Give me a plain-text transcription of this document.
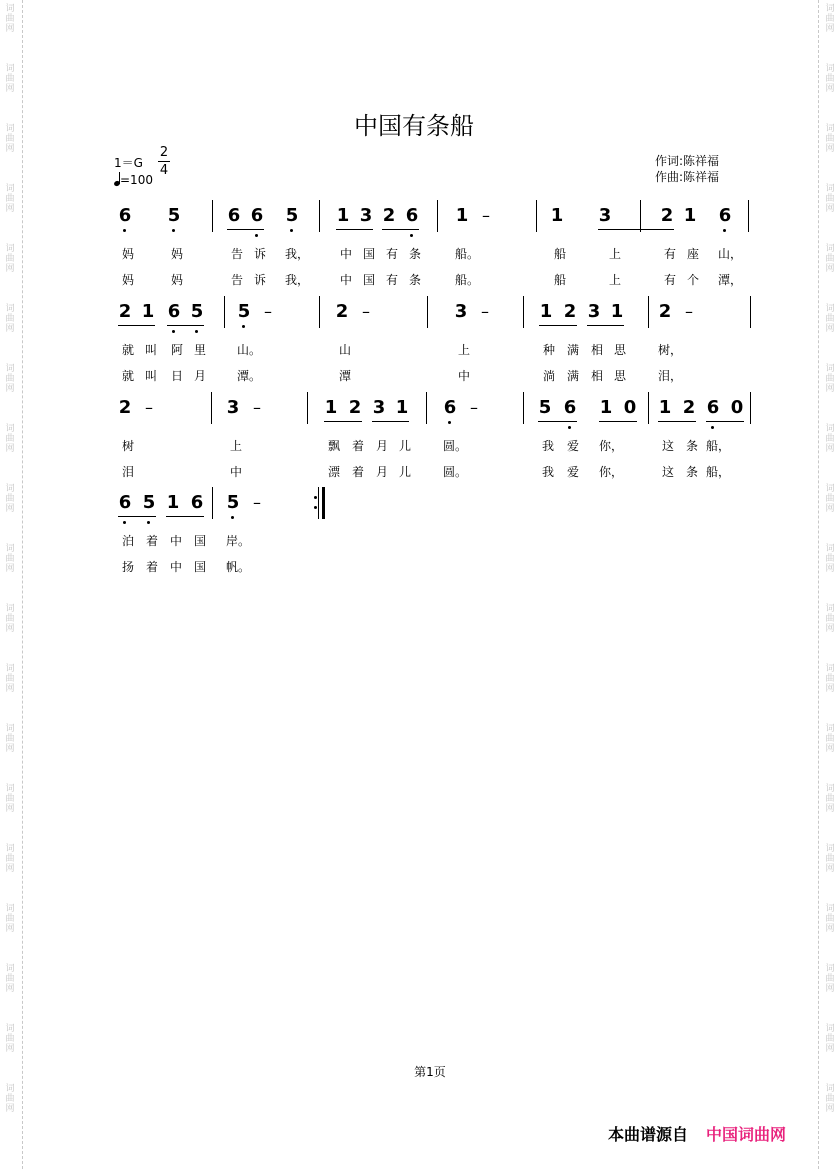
词
曲
网
词
曲
网
词
曲
网
词
曲
网
词
曲
网
词
曲
网
词
曲
网
词
曲
网
词
曲
网
词
曲
网
词
曲
网
词
曲
网
词
曲
网
词
曲
网
词
曲
网
词
曲
网
词
曲
网
词
曲
网
词
曲
网
词
曲
网
词
曲
网
词
曲
网
词
曲
网
词
曲
网
词
曲
网
词
曲
网
词
曲
网
词
曲
网
词
曲
网
词
曲
网
词
曲
网
词
曲
网
词
曲
网
词
曲
网
词
曲
网
词
曲
网
词
曲
网
词
曲
网
中国有条船
1＝G
2
4
=100
作词:陈祥福
作曲:陈祥福
6 5	6 6 5 1 3 2 6 1 –	1 3	2 1 6
妈	妈	告 诉	我，	中 国 有 条	船。	船	上	有 座	山，
妈	妈	告 诉	我，	中 国 有 条	船。	船	上	有 个	潭，
2 1 6 5 5 –	2 –	3 –	1 2 3 1 2 –
就 叫	阿 里	山。	山	上	种 满 相 思	树，
就 叫	日 月	潭。	潭	中	淌 满 相 思	泪，
2 –	3 –	1 2 3 1 6 –	5 6 1 0 1 2 6 0
树	上	飘 着 月 儿	圆。	我	爱	你，	这 条 船，
泪	中	漂 着 月 儿	圆。	我	爱	你，	这 条 船，
6 5 1 6 5 –
泊 着 中 国	岸。
扬 着 中 国	帆。
第1页
本曲谱源自 中国词曲网
